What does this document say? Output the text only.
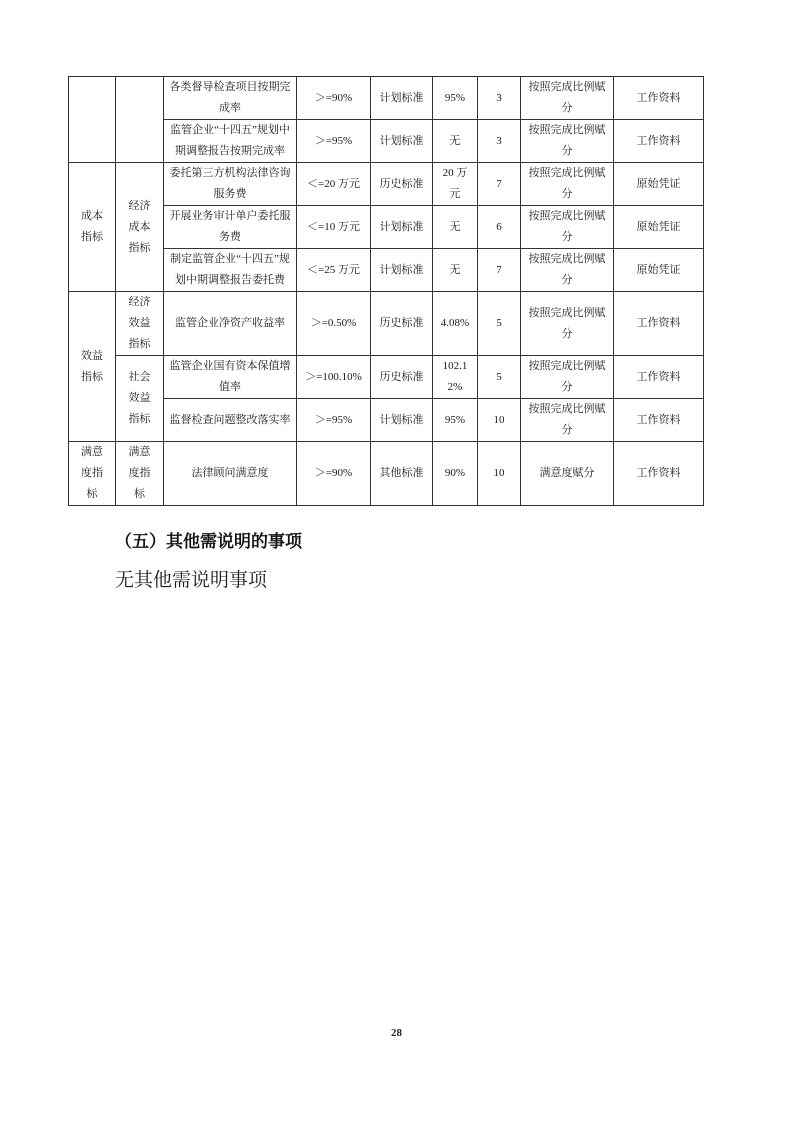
		各类督导检查项目按期完成率	＞=90%	计划标准	95%	3	按照完成比例赋分	工作资料
		监管企业“十四五”规划中期调整报告按期完成率	＞=95%	计划标准	无	3	按照完成比例赋分	工作资料
成本指标	经济成本指标	委托第三方机构法律咨询服务费	＜=20 万元	历史标准	20 万元	7	按照完成比例赋分	原始凭证
		开展业务审计单户委托服务费	＜=10 万元	计划标准	无	6	按照完成比例赋分	原始凭证
		制定监管企业“十四五”规划中期调整报告委托费	＜=25 万元	计划标准	无	7	按照完成比例赋分	原始凭证
效益指标	经济效益指标	监管企业净资产收益率	＞=0.50%	历史标准	4.08%	5	按照完成比例赋分	工作资料
	社会效益指标	监管企业国有资本保值增值率	＞=100.10%	历史标准	102.12%	5	按照完成比例赋分	工作资料
		监督检查问题整改落实率	＞=95%	计划标准	95%	10	按照完成比例赋分	工作资料
满意度指标	满意度指标	法律顾问满意度	＞=90%	其他标准	90%	10	满意度赋分	工作资料
（五）其他需说明的事项
无其他需说明事项
28
